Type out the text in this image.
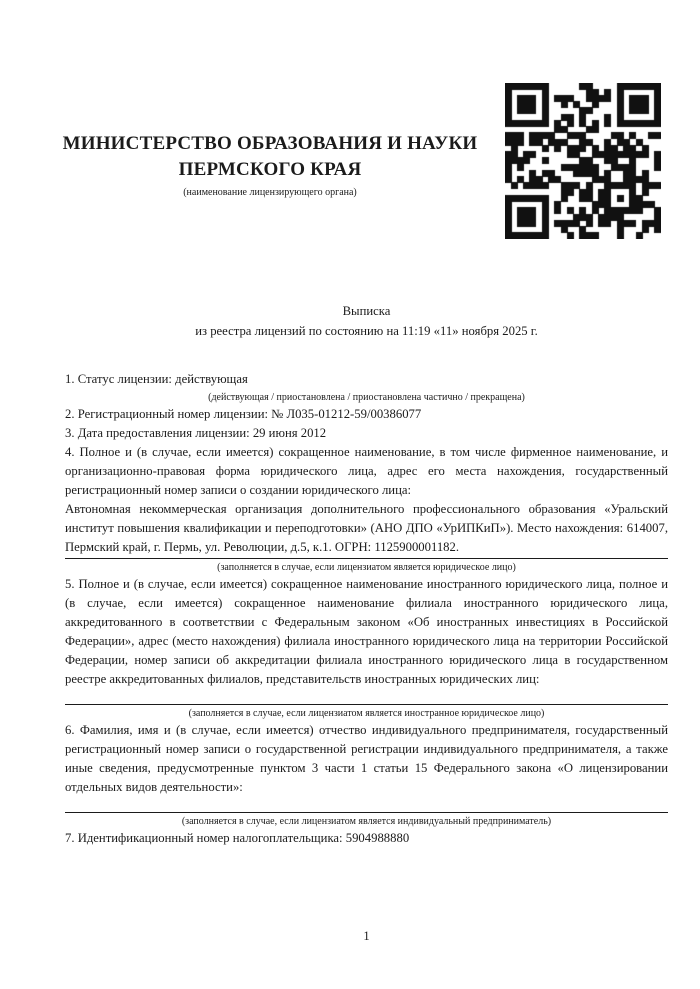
МИНИСТЕРСТВО ОБРАЗОВАНИЯ И НАУКИ ПЕРМСКОГО КРАЯ
(наименование лицензирующего органа)
Выписка
из реестра лицензий по состоянию на 11:19 «11» ноября 2025 г.

1. Статус лицензии: действующая

(действующая / приостановлена / приостановлена частично / прекращена)

2. Регистрационный номер лицензии: № Л035-01212-59/00386077

3. Дата предоставления лицензии: 29 июня 2012

4. Полное и (в случае, если имеется) сокращенное наименование, в том числе фирменное наименование, и организационно-правовая форма юридического лица, адрес его места нахождения, государственный регистрационный номер записи о создании юридического лица:

Автономная некоммерческая организация дополнительного профессионального образования «Уральский институт повышения квалификации и переподготовки» (АНО ДПО «УрИПКиП»). Место нахождения: 614007, Пермский край, г. Пермь, ул. Революции, д.5, к.1. ОГРН: 1125900001182.

(заполняется в случае, если лицензиатом является юридическое лицо)

5. Полное и (в случае, если имеется) сокращенное наименование иностранного юридического лица, полное и (в случае, если имеется) сокращенное наименование филиала иностранного юридического лица, аккредитованного в соответствии с Федеральным законом «Об иностранных инвестициях в Российской Федерации», адрес (место нахождения) филиала иностранного юридического лица на территории Российской Федерации, номер записи об аккредитации филиала иностранного юридического лица в государственном реестре аккредитованных филиалов, представительств иностранных юридических лиц:

(заполняется в случае, если лицензиатом является иностранное юридическое лицо)

6. Фамилия, имя и (в случае, если имеется) отчество индивидуального предпринимателя, государственный регистрационный номер записи о государственной регистрации индивидуального предпринимателя, а также иные сведения, предусмотренные пунктом 3 части 1 статьи 15 Федерального закона «О лицензировании отдельных видов деятельности»:

(заполняется в случае, если лицензиатом является индивидуальный предприниматель)

7. Идентификационный номер налогоплательщика: 5904988880

1
